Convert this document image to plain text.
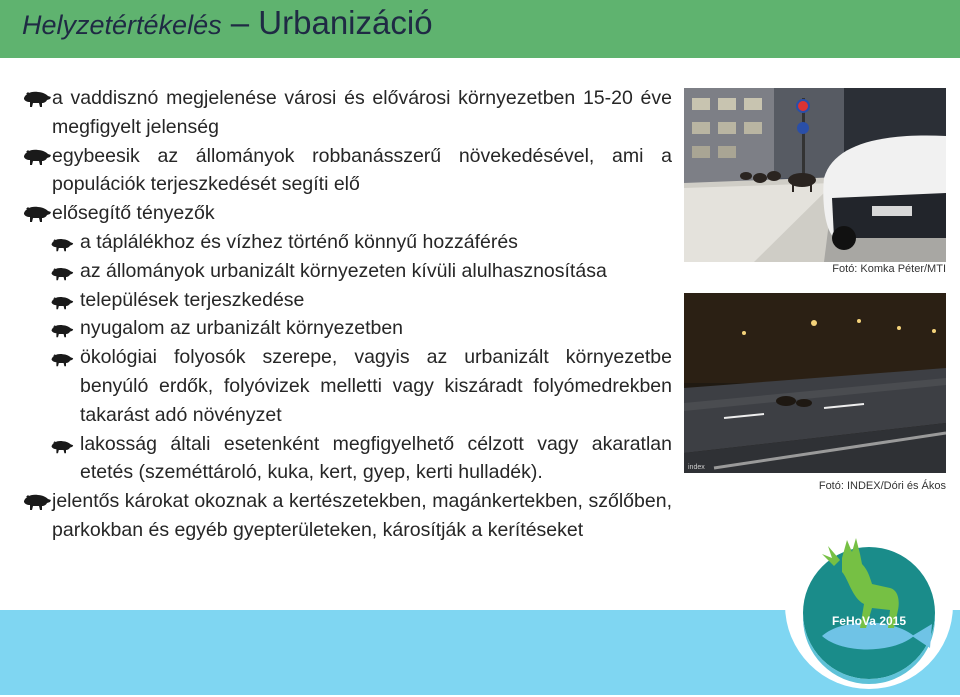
Helyzetértékelés – Urbanizáció
a vaddisznó megjelenése városi és elővárosi környezetben 15-20 éve megfigyelt jelenség
egybeesik az állományok robbanásszerű növekedésével, ami a populációk terjeszkedését segíti elő
elősegítő tényezők
a táplálékhoz és vízhez történő könnyű hozzáférés
az állományok urbanizált környezeten kívüli alulhasznosítása
települések terjeszkedése
nyugalom az urbanizált környezetben
ökológiai folyosók szerepe, vagyis az urbanizált környezetbe benyúló erdők, folyóvizek melletti vagy kiszáradt folyómedrekben takarást adó növényzet
lakosság általi esetenként megfigyelhető célzott vagy akaratlan etetés (szeméttároló, kuka, kert, gyep, kerti hulladék).
jelentős károkat okoznak a kertészetekben, magánkertekben, szőlőben, parkokban és egyéb gyepterületeken, károsítják a kerítéseket
Fotó: Komka Péter/MTI
index
Fotó: INDEX/Dóri és Ákos
FeHoVa 2015
